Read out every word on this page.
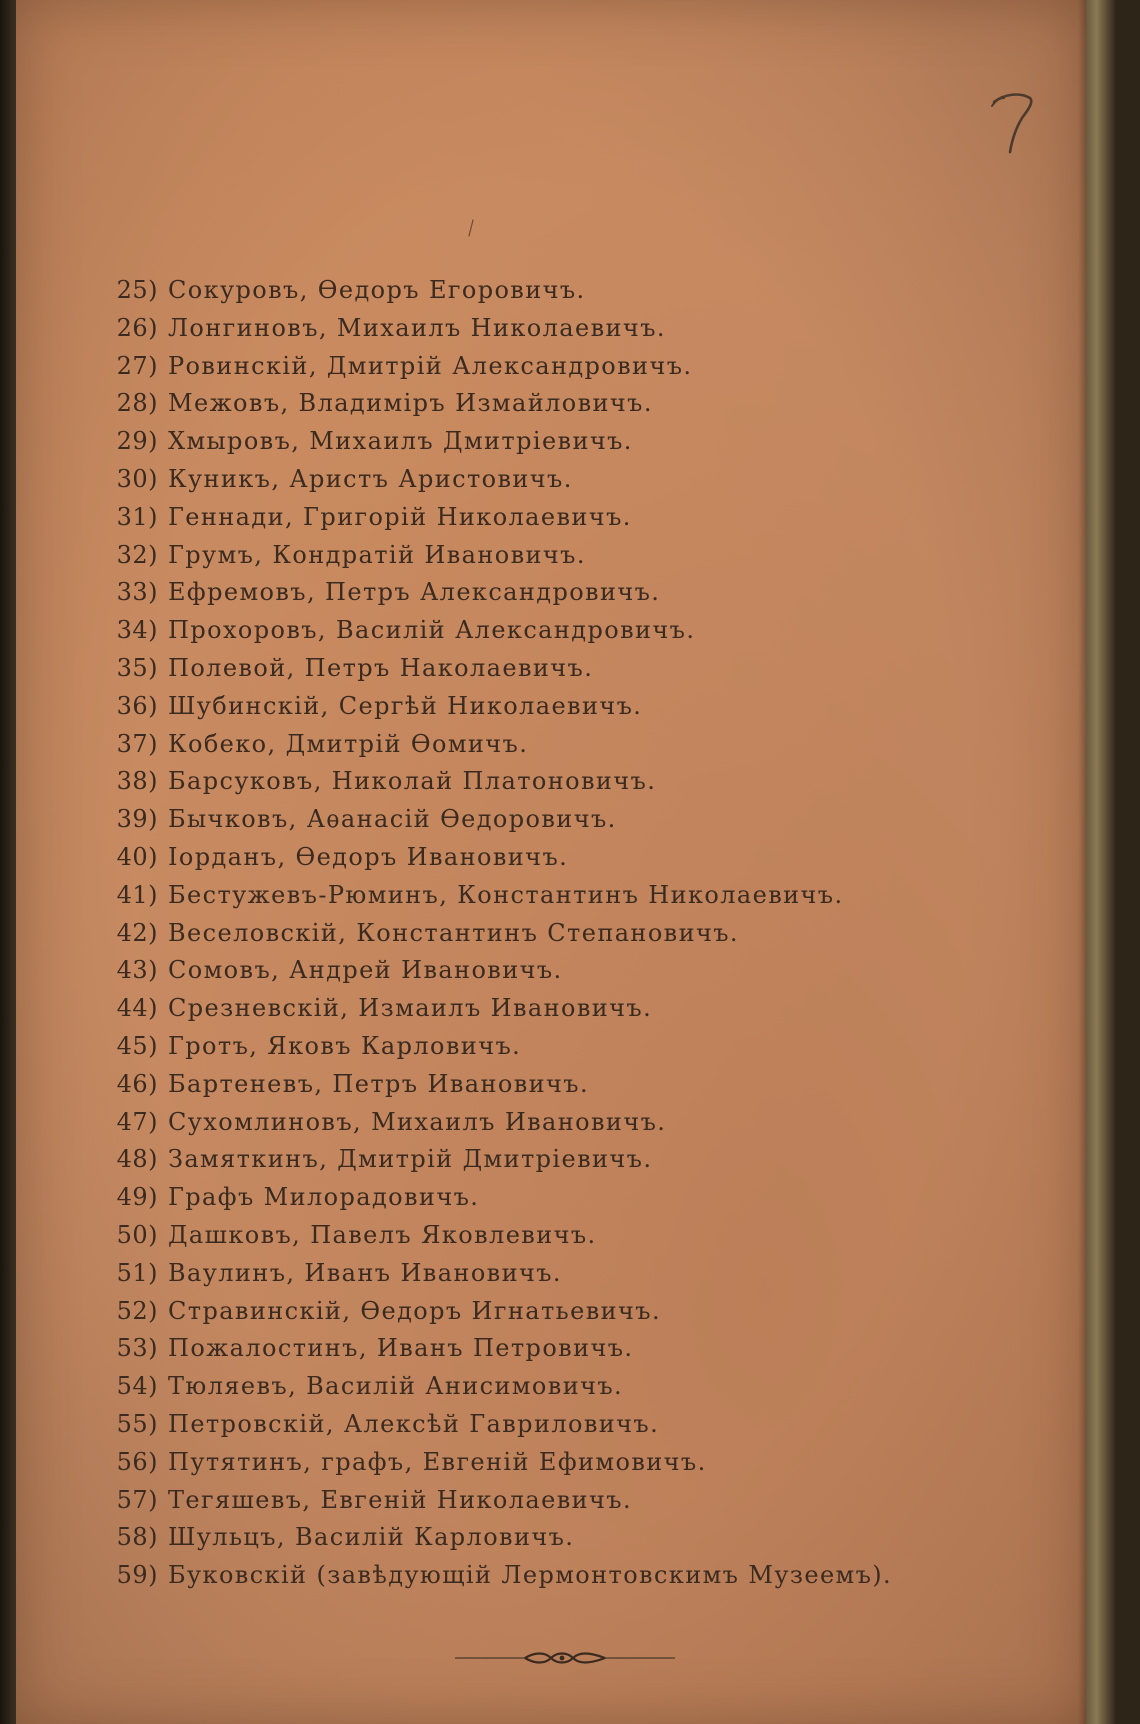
25) Сокуровъ, Ѳедоръ Егоровичъ.
26) Лонгиновъ, Михаилъ Николаевичъ.
27) Ровинскій, Дмитрій Александровичъ.
28) Межовъ, Владиміръ Измайловичъ.
29) Хмыровъ, Михаилъ Дмитріевичъ.
30) Куникъ, Аристъ Аристовичъ.
31) Геннади, Григорій Николаевичъ.
32) Грумъ, Кондратій Ивановичъ.
33) Ефремовъ, Петръ Александровичъ.
34) Прохоровъ, Василій Александровичъ.
35) Полевой, Петръ Наколаевичъ.
36) Шубинскій, Сергѣй Николаевичъ.
37) Кобеко, Дмитрій Ѳомичъ.
38) Барсуковъ, Николай Платоновичъ.
39) Бычковъ, Аѳанасій Ѳедоровичъ.
40) Іорданъ, Ѳедоръ Ивановичъ.
41) Бестужевъ-Рюминъ, Константинъ Николаевичъ.
42) Веселовскій, Константинъ Степановичъ.
43) Сомовъ, Андрей Ивановичъ.
44) Срезневскій, Измаилъ Ивановичъ.
45) Гротъ, Яковъ Карловичъ.
46) Бартеневъ, Петръ Ивановичъ.
47) Сухомлиновъ, Михаилъ Ивановичъ.
48) Замяткинъ, Дмитрій Дмитріевичъ.
49) Графъ Милорадовичъ.
50) Дашковъ, Павелъ Яковлевичъ.
51) Ваулинъ, Иванъ Ивановичъ.
52) Стравинскій, Ѳедоръ Игнатьевичъ.
53) Пожалостинъ, Иванъ Петровичъ.
54) Тюляевъ, Василій Анисимовичъ.
55) Петровскій, Алексѣй Гавриловичъ.
56) Путятинъ, графъ, Евгеній Ефимовичъ.
57) Тегяшевъ, Евгеній Николаевичъ.
58) Шульцъ, Василій Карловичъ.
59) Буковскій (завѣдующій Лермонтовскимъ Музеемъ).
